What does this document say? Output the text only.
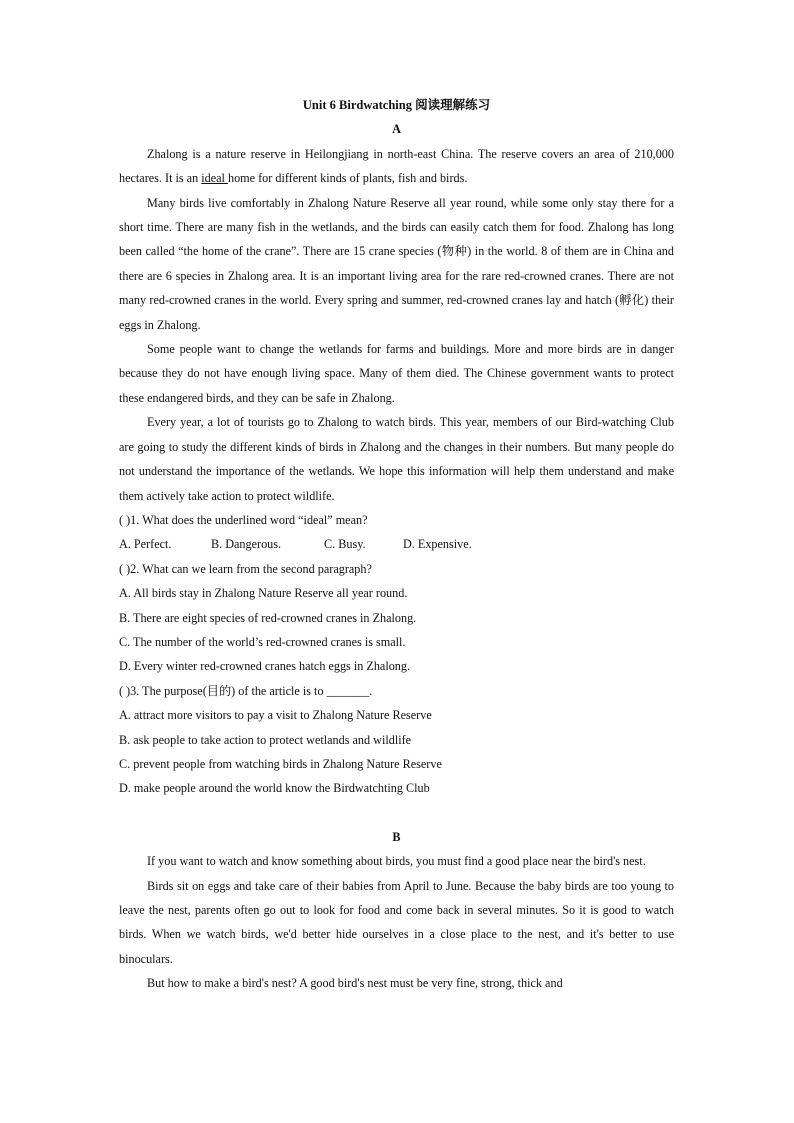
Unit 6 Birdwatching 阅读理解练习

A

Zhalong is a nature reserve in Heilongjiang in north-east China. The reserve covers an area of 210,000 hectares. It is an ideal home for different kinds of plants, fish and birds.

Many birds live comfortably in Zhalong Nature Reserve all year round, while some only stay there for a short time. There are many fish in the wetlands, and the birds can easily catch them for food. Zhalong has long been called “the home of the crane”. There are 15 crane species (物种) in the world. 8 of them are in China and there are 6 species in Zhalong area. It is an important living area for the rare red-crowned cranes. There are not many red-crowned cranes in the world. Every spring and summer, red-crowned cranes lay and hatch (孵化) their eggs in Zhalong.

Some people want to change the wetlands for farms and buildings. More and more birds are in danger because they do not have enough living space. Many of them died. The Chinese government wants to protect these endangered birds, and they can be safe in Zhalong.

Every year, a lot of tourists go to Zhalong to watch birds. This year, members of our Bird-watching Club are going to study the different kinds of birds in Zhalong and the changes in their numbers. But many people do not understand the importance of the wetlands. We hope this information will help them understand and make them actively take action to protect wildlife.

( )1. What does the underlined word “ideal” mean?

A. Perfect.	B. Dangerous.	C. Busy.	D. Expensive.

( )2. What can we learn from the second paragraph?

A. All birds stay in Zhalong Nature Reserve all year round.

B. There are eight species of red-crowned cranes in Zhalong.

C. The number of the world’s red-crowned cranes is small.

D. Every winter red-crowned cranes hatch eggs in Zhalong.

( )3. The purpose(目的) of the article is to _______.

A. attract more visitors to pay a visit to Zhalong Nature Reserve

B. ask people to take action to protect wetlands and wildlife

C. prevent people from watching birds in Zhalong Nature Reserve

D. make people around the world know the Birdwatchting Club

B

If you want to watch and know something about birds, you must find a good place near the bird's nest.

Birds sit on eggs and take care of their babies from April to June. Because the baby birds are too young to leave the nest, parents often go out to look for food and come back in several minutes. So it is good to watch birds. When we watch birds, we'd better hide ourselves in a close place to the nest, and it's better to use binoculars.

But how to make a bird's nest? A good bird's nest must be very fine, strong, thick and
